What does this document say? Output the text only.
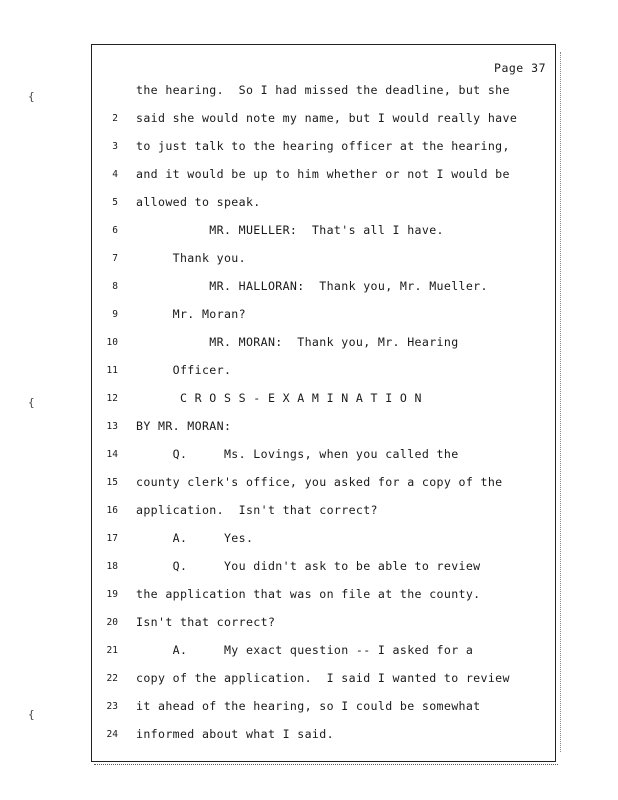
{
{
{
Page 37

the hearing.  So I had missed the deadline, but she

2

said she would note my name, but I would really have

3

to just talk to the hearing officer at the hearing,

4

and it would be up to him whether or not I would be

5

allowed to speak.

6

MR. MUELLER:  That's all I have.

7

Thank you.

8

MR. HALLORAN:  Thank you, Mr. Mueller.

9

Mr. Moran?

10

MR. MORAN:  Thank you, Mr. Hearing

11

Officer.

12

C R O S S - E X A M I N A T I O N

13

BY MR. MORAN:

14

Q.     Ms. Lovings, when you called the

15

county clerk's office, you asked for a copy of the

16

application.  Isn't that correct?

17

A.     Yes.

18

Q.     You didn't ask to be able to review

19

the application that was on file at the county.

20

Isn't that correct?

21

A.     My exact question -- I asked for a

22

copy of the application.  I said I wanted to review

23

it ahead of the hearing, so I could be somewhat

24

informed about what I said.
